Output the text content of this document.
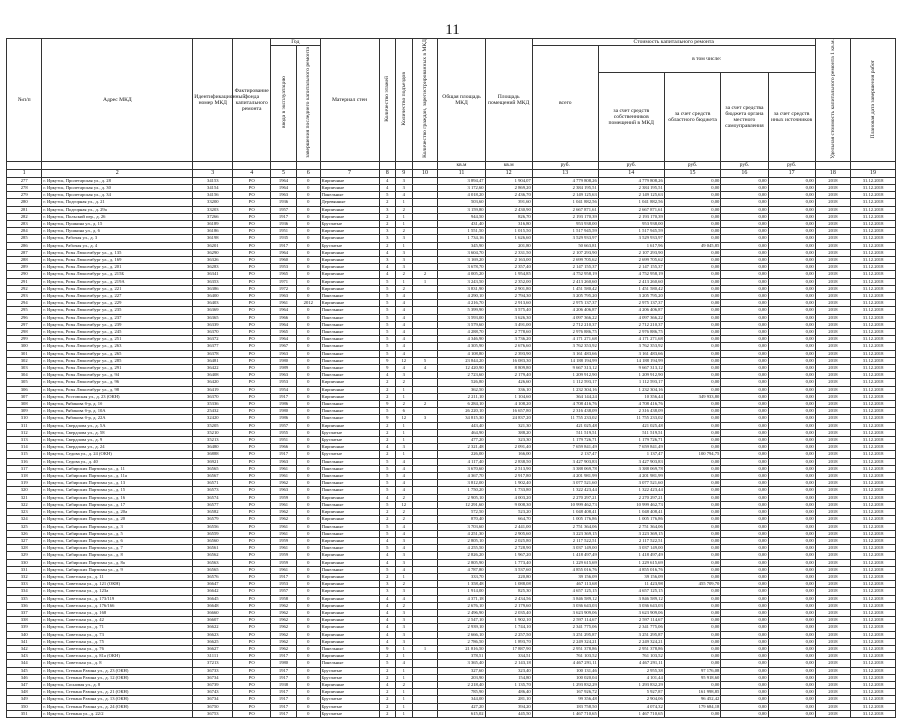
11
№п/п	Адрес МКД	Идентификационный номер МКД	Фактирование фонда капитального ремонта	Год		Материал стен	Количество этажей	Количество подъездов	Количество граждан, зарегистрированных в МКД	Общая площадь МКД	Площадь помещений МКД	Стоимость капитального ремонта					Удельная стоимость капитального ремонта 1 кв.м.	Плановая дата завершения работ
				ввода в эксплуатацию	завершения последнего капитального ремонта							всего	в том числе:					
													за счет средств собственников помещений в МКД	за счет средств областного бюджета	за счет средства бюджета органа местного самоуправления	за счет средств иных источников		
										кв.м	кв.м	руб.	руб.	руб.	руб.	руб.		
1	2	3	4	5	6	7	8	9	10	11	12	13	14	15	16	17	18	19
277	г. Иркутск, Пролетарская ул., д. 28	34153	РО	1964	0	Кирпичные	4	3		3 894,47	1 904,07	4 779 808,26	4 779 808,26	0,00	0,00	0,00	2018	31.12.2018
278	г. Иркутск, Пролетарская ул., д. 30	34154	РО	1964	0	Кирпичные	4	3		3 172,60	2 869,20	2 384 195,51	2 384 195,51	0,00	0,00	0,00	2018	31.12.2018
279	г. Иркутск, Пролетарская ул., д. 34	34156	РО	1963	0	Панельные	5	4		4 018,20	2 436,70	2 149 125,63	2 149 125,63	0,00	0,00	0,00	2018	31.12.2018
280	г. Иркутск, Подгорная ул., д. 21	33200	РО	1936	0	Деревянные	2	1		503,60	391,60	1 041 882,56	1 041 882,56	0,00	0,00	0,00	2018	31.12.2018
281	г. Иркутск, Подгорная ул., д. 29а	33203	РО	1957	0	Кирпичные	3	2		3 159,80	2 430,90	2 667 871,61	2 667 871,61	0,00	0,00	0,00	2018	31.12.2018
282	г. Иркутск, Польский пер., д. 26	37266	РО	1917	0	Кирпичные	2	1		944,50	826,70	2 193 170,39	2 193 170,39	0,00	0,00	0,00	2018	31.12.2018
283	г. Иркутск, Пушкина ул., д. 15	36189	РО	1936	0	Брусчатые	2	1		431,40	316,80	953 938,00	953 938,00	0,00	0,00	0,00	2018	31.12.2018
284	г. Иркутск, Пушкина ул., д. 6	36186	РО	1951	0	Кирпичные	3	2		1 551,50	1 015,50	1 517 945,59	1 517 945,59	0,00	0,00	0,00	2018	31.12.2018
285	г. Иркутск, Рабочая ул., д. 3	36198	РО	1935	0	Кирпичные	3	3		1 734,16	1 626,60	3 529 933,97	3 529 933,97	0,00	0,00	0,00	2018	31.12.2018
286	г. Иркутск, Рабочая ул., д. 4	36201	РО	1917	0	Брусчатые	2	1		345,90	201,80	50 663,81	1 617,96	49 045,85	0,00	0,00	2018	31.12.2018
287	г. Иркутск, Розы Люксембург ул., д. 135	36290	РО	1964	0	Кирпичные	4	3		3 604,70	2 331,50	2 107 293,90	2 107 293,90	0,00	0,00	0,00	2018	31.12.2018
288	г. Иркутск, Розы Люксембург ул., д. 169	36326	РО	1960	0	Кирпичные	3	3		3 169,20	2 163,00	2 699 705,62	2 699 705,62	0,00	0,00	0,00	2018	31.12.2018
289	г. Иркутск, Розы Люксембург ул., д. 201	36283	РО	1953	0	Кирпичные	4	3		3 678,70	2 357,40	2 147 155,37	2 147 155,37	0,00	0,00	0,00	2018	31.12.2018
290	г. Иркутск, Розы Люксембург ул., д. 215Б	36341	РО	1965	0	Кирпичные	4	2	2	4 005,20	1 954,85	4 752 958,19	4 752 958,19	0,00	0,00	0,00	2018	31.12.2018
291	г. Иркутск, Розы Люксембург ул., д. 219А	36353	РО	1971	0	Кирпичные	5	1	1	3 243,50	2 352,00	2 413 260,60	2 413 260,60	0,00	0,00	0,00	2018	31.12.2018
292	г. Иркутск, Розы Люксембург ул., д. 221	36386	РО	1972	0	Кирпичные	5	2		3 831,90	2 901,80	1 451 580,42	1 451 580,42	0,00	0,00	0,00	2018	31.12.2018
293	г. Иркутск, Розы Люксембург ул., д. 227	36400	РО	1963	0	Панельные	5	4		4 290,10	2 794,30	3 205 795,20	3 205 795,20	0,00	0,00	0,00	2018	31.12.2018
294	г. Иркутск, Розы Люксембург ул., д. 229	36403	РО	1961	2012	Кирпичные	5	4		4 216,70	2 913,60	2 975 137,37	2 975 137,37	0,00	0,00	0,00	2018	31.12.2018
295	г. Иркутск, Розы Люксембург ул., д. 235	36369	РО	1964	0	Панельные	5	4		5 399,90	3 575,40	4 206 406,87	4 206 406,87	0,00	0,00	0,00	2018	31.12.2018
296	г. Иркутск, Розы Люксембург ул., д. 237	36365	РО	1966	0	Панельные	5	4		3 593,00	3 626,30	4 097 366,22	4 097 366,22	0,00	0,00	0,00	2018	31.12.2018
297	г. Иркутск, Розы Люксембург ул., д. 239	36339	РО	1964	0	Панельные	5	4		3 579,60	3 491,00	2 712 210,37	2 712 210,37	0,00	0,00	0,00	2018	31.12.2018
298	г. Иркутск, Розы Люксембург ул., д. 245	36370	РО	1965	0	Панельные	5	4		4 288,70	2 778,60	2 976 886,75	2 976 886,75	0,00	0,00	0,00	2018	31.12.2018
299	г. Иркутск, Розы Люксембург ул., д. 251	36372	РО	1964	0	Панельные	5	4		4 346,90	3 736,20	4 171 271,68	4 171 271,68	0,00	0,00	0,00	2018	31.12.2018
300	г. Иркутск, Розы Люксембург ул., д. 263	36377	РО	1967	0	Панельные	5	4		4 305,90	2 676,60	3 762 353,92	3 762 353,92	0,00	0,00	0,00	2018	31.12.2018
301	г. Иркутск, Розы Люксембург ул., д. 265	36378	РО	1963	0	Панельные	5	4		4 108,80	2 393,90	3 161 483,66	3 161 483,66	0,00	0,00	0,00	2018	31.12.2018
302	г. Иркутск, Розы Люксембург ул., д. 285	36481	РО	1980	0	Панельные	9	12	5	23 844,20	16 083,30	14 188 194,99	14 188 194,99	0,00	0,00	0,00	2018	31.12.2018
303	г. Иркутск, Розы Люксембург ул., д. 291	36422	РО	1989	0	Панельные	9	4	4	12 420,90	8 809,80	9 667 313,12	9 667 313,12	0,00	0,00	0,00	2018	31.12.2018
304	г. Иркутск, Розы Люксембург ул., д. 94	36408	РО	1963	0	Панельные	4	3		2 723,60	2 179,40	1 209 912,90	1 209 912,90	0,00	0,00	0,00	2018	31.12.2018
305	г. Иркутск, Розы Люксембург ул., д. 96	36420	РО	1953	0	Кирпичные	2	2		526,80	426,60	1 112 593,17	1 112 593,17	0,00	0,00	0,00	2018	31.12.2018
306	г. Иркутск, Розы Люксембург ул., д. 98	36419	РО	1954	0	Кирпичные	2	1		362,50	336,10	1 232 304,16	1 232 304,16	0,00	0,00	0,00	2018	31.12.2018
307	г. Иркутск, Ростовская ул., д. 23 (ОКН)	36370	РО	1917	0	Кирпичные	2	1		2 211,10	1 104,60	364 144,24	10 356,44	349 933,80	0,00	0,00	2018	31.12.2018
308	г. Иркутск, Рябикова б-р, д. 1б	35336	РО	1986	0	Панельные	9	2	2	6 284,10	4 108,20	4 708 416,76	4 708 416,76	0,00	0,00	0,00	2018	31.12.2018
309	г. Иркутск, Рябикова б-р, д. 10А	25432	РО	1980	0	Панельные	5	6		26 220,10	16 657,80	2 316 438,09	2 316 438,09	0,00	0,00	0,00	2018	31.12.2018
310	г. Иркутск, Рябикова б-р, д. 22А	32420	РО	1986	0	Панельные	9	12	3	34 815,30	24 837,20	11 755 233,02	11 755 233,02	0,00	0,00	0,00	2018	31.12.2018
311	г. Иркутск, Свердлова ул., д. 5А	35205	РО	1957	0	Кирпичные	2	1		443,40	321,30	421 025,48	421 025,48	0,00	0,00	0,00	2018	31.12.2018
312	г. Иркутск, Свердлова ул., д. 58	35210	РО	1955	0	Брусчатые	2	1		464,90	388,20	511 519,51	511 519,51	0,00	0,00	0,00	2018	31.12.2018
313	г. Иркутск, Свердлова ул., д. 9	35213	РО	1951	0	Брусчатые	2	1		477,20	323,30	1 179 726,71	1 179 726,71	0,00	0,00	0,00	2018	31.12.2018
314	г. Иркутск, Свердлова ул., д. 24	36480	РО	1966	0	Кирпичные	4	3		2 321,48	2 091,40	7 659 841,49	7 659 841,49	0,00	0,00	0,00	2018	31.12.2018
315	г. Иркутск, Седова ул., д. 24 (ОКН)	36888	РО	1917	0	Брусчатые	2	1		226,00	166,00	2 137,47	1 137,47	100 794,75	0,00	0,00	2018	31.12.2018
316	г. Иркутск, Седова ул., д. 40	36921	РО	1963	0	Панельные	5	4		4 117,40	2 838,50	3 427 903,83	3 427 903,83	0,00	0,00	0,00	2018	31.12.2018
317	г. Иркутск, Сибирских Партизан ул., д. 11	36565	РО	1961	0	Панельные	5	4		3 670,60	2 513,90	3 388 069,78	3 388 069,78	0,00	0,00	0,00	2018	31.12.2018
318	г. Иркутск, Сибирских Партизан ул., д. 11а	36567	РО	1961	0	Панельные	5	4		4 367,70	2 917,80	4 201 981,99	4 201 981,99	0,00	0,00	0,00	2018	31.12.2018
319	г. Иркутск, Сибирских Партизан ул., д. 13	36571	РО	1962	0	Панельные	5	4		3 812,00	1 902,40	3 077 521,60	3 077 521,60	0,00	0,00	0,00	2018	31.12.2018
320	г. Иркутск, Сибирских Партизан ул., д. 15	36573	РО	1963	0	Панельные	5	4		1 750,20	1 733,80	1 322 423,44	1 322 423,44	0,00	0,00	0,00	2018	31.12.2018
321	г. Иркутск, Сибирских Партизан ул., д. 16	36574	РО	1959	0	Кирпичные	4	2		2 905,10	4 003,20	2 270 297,21	2 270 297,21	0,00	0,00	0,00	2018	31.12.2018
322	г. Иркутск, Сибирских Партизан ул., д. 17	36577	РО	1961	0	Панельные	5	12		12 291,60	9 008,30	10 999 462,73	10 999 462,73	0,00	0,00	0,00	2018	31.12.2018
323	г. Иркутск, Сибирских Партизан ул., д. 20а	36582	РО	1962	0	Кирпичные	2	2		572,50	523,20	1 048 408,41	1 048 408,41	0,00	0,00	0,00	2018	31.12.2018
324	г. Иркутск, Сибирских Партизан ул., д. 20	36579	РО	1962	0	Кирпичные	2	2		870,40	664,70	1 005 176,86	1 005 176,86	0,00	0,00	0,00	2018	31.12.2018
325	г. Иркутск, Сибирских Партизан ул., д. 3	36556	РО	1961	0	Панельные	5	4		3 703,60	2 441,00	2 751 364,06	2 751 364,06	0,00	0,00	0,00	2018	31.12.2018
326	г. Иркутск, Сибирских Партизан ул., д. 5	36559	РО	1961	0	Панельные	5	4		4 251,30	2 905,60	3 223 369,15	3 223 369,15	0,00	0,00	0,00	2018	31.12.2018
327	г. Иркутск, Сибирских Партизан ул., д. 6	36560	РО	1959	0	Кирпичные	4	3		2 805,10	2 025,80	2 117 522,51	2 117 522,51	0,00	0,00	0,00	2018	31.12.2018
328	г. Иркутск, Сибирских Партизан ул., д. 7	36561	РО	1961	0	Панельные	5	4		4 255,50	2 728,90	3 037 149,00	3 037 149,00	0,00	0,00	0,00	2018	31.12.2018
329	г. Иркутск, Сибирских Партизан ул., д. 8	36562	РО	1959	0	Кирпичные	4	3		2 826,20	1 967,20	1 418 497,49	1 418 497,49	0,00	0,00	0,00	2018	31.12.2018
330	г. Иркутск, Сибирских Партизан ул., д. 8а	36563	РО	1959	0	Кирпичные	4	3		2 805,90	1 773,40	1 229 615,69	1 229 615,69	0,00	0,00	0,00	2018	31.12.2018
331	г. Иркутск, Сибирских Партизан ул., д. 9	36565	РО	1961	0	Панельные	5	4		4 787,80	3 537,60	4 855 016,76	4 855 016,76	0,00	0,00	0,00	2018	31.12.2018
332	г. Иркутск, Советская ул., д. 11	36576	РО	1917	0	Кирпичные	2	1		333,70	220,80	39 156,09	39 156,09	0,00	0,00	0,00	2018	31.12.2018
333	г. Иркутск, Советская ул., д. 121 (ОКН)	36647	РО	1953	0	Кирпичные	3	2		1 358,48	1 088,08	467 113,68	11 423,98	455 709,70	0,00	0,00	2018	31.12.2018
334	г. Иркутск, Советская ул., д. 123а	36642	РО	1957	0	Кирпичные	3	3		1 914,00	825,30	4 657 125,15	4 657 125,15	0,00	0,00	0,00	2018	31.12.2018
335	г. Иркутск, Советская ул., д. 173/119	36645	РО	1958	0	Кирпичные	4	4		4 371,18	2 434,56	3 846 589,12	3 846 589,12	0,00	0,00	0,00	2018	31.12.2018
336	г. Иркутск, Советская ул., д. 176/166	36648	РО	1962	0	Кирпичные	4	2		2 676,10	2 179,60	3 036 643,03	3 036 643,03	0,00	0,00	0,00	2018	31.12.2018
337	г. Иркутск, Советская ул., д. 168	36660	РО	1962	0	Кирпичные	4	3		2 496,90	2 035,40	3 623 909,06	3 623 909,06	0,00	0,00	0,00	2018	31.12.2018
338	г. Иркутск, Советская ул., д. 42	36607	РО	1962	0	Кирпичные	4	3		2 547,10	1 902,10	2 597 114,67	2 597 114,67	0,00	0,00	0,00	2018	31.12.2018
339	г. Иркутск, Советская ул., д. 71	36622	РО	1962	0	Кирпичные	4	3		2 939,10	1 744,10	2 341 775,06	2 341 775,06	0,00	0,00	0,00	2018	31.12.2018
340	г. Иркутск, Советская ул., д. 73	36623	РО	1962	0	Кирпичные	4	3		2 666,10	2 257,50	3 251 295,87	3 251 295,87	0,00	0,00	0,00	2018	31.12.2018
341	г. Иркутск, Советская ул., д. 75	36625	РО	1962	0	Кирпичные	4	3		2 786,50	1 893,70	2 249 324,21	2 249 324,21	0,00	0,00	0,00	2018	31.12.2018
342	г. Иркутск, Советская ул., д. 76	36627	РО	1962	0	Панельные	9	1	1	21 816,50	17 887,90	2 951 378,86	2 951 378,86	0,00	0,00	0,00	2018	31.12.2018
343	г. Иркутск, Советская ул., д. 81а (ОКН)	31111	РО	1917	0	Кирпичные	2	1		378,51	334,51	761 103,52	761 103,52	0,00	0,00	0,00	2018	31.12.2018
344	г. Иркутск, Советская ул., д. 8	37213	РО	1980	0	Панельные	5	4		3 365,40	2 143,18	4 467 291,11	4 467 291,11	0,00	0,00	0,00	2018	31.12.2018
345	г. Иркутск, Степана Разина ул., д. 23 (ОКН)	36733	РО	1917	0	Брусчатые	2	1		327,60	323,40	100 131,46	2 955,38	97 176,08	0,00	0,00	2018	31.12.2018
346	г. Иркутск, Степана Разина ул., д. 12 (ОКН)	36734	РО	1917	0	Брусчатые	2	1		203,90	154,80	100 020,04	4 101,44	95 918,60	0,00	0,00	2018	31.12.2018
347	г. Иркутск, Сосновая ул., д. 8	36739	РО	1938	0	Кирпичные	4	2		2 218,40	1 135,70	1 293 832,29	1 293 832,29	0,00	0,00	0,00	2018	31.12.2018
348	г. Иркутск, Степана Разина ул., д. 21 (ОКН)	36743	РО	1917	0	Кирпичные	2	1		785,90	486,40	167 926,72	5 927,87	161 998,85	0,00	0,00	2018	31.12.2018
349	г. Иркутск, Степана Разина ул., д. 13 (ОКН)	36734	РО	1917	0	Брусчатые	2	1		344,00	281,10	99 356,48	2 904,06	96 452,42	0,00	0,00	2018	31.12.2018
350	г. Иркутск, Степана Разина ул., д. 24 (ОКН)	36750	РО	1917	0	Брусчатые	2	1		427,20	394,20	183 758,50	4 074,32	179 684,18	0,00	0,00	2018	31.12.2018
351	г. Иркутск, Степана ул., д. 22/2	36753	РО	1917	0	Брусчатые	2	1		615,02	445,50	1 467 710,65	1 467 710,65	0,00	0,00	0,00	2018	31.12.2018
